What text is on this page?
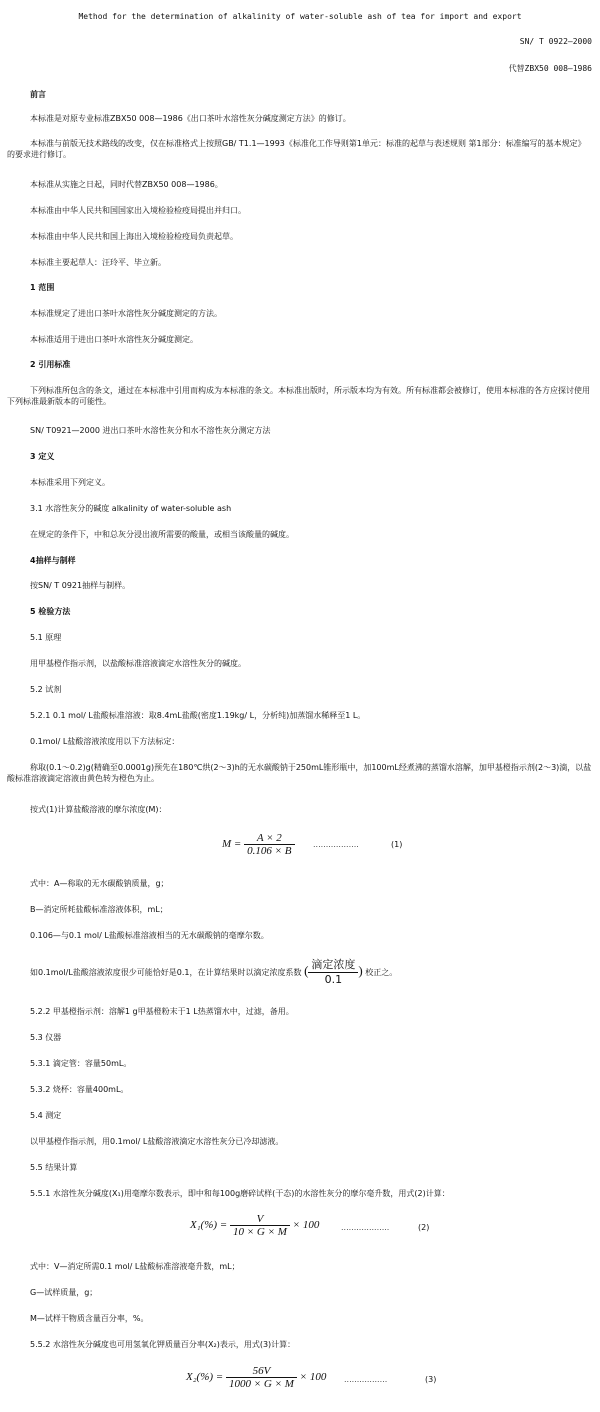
Method for the determination of alkalinity of water-soluble ash of tea for import and export
SN/ T 0922—2000
代替ZBX50 008—1986
前言
本标准是对原专业标准ZBX50 008—1986《出口茶叶水溶性灰分碱度测定方法》的修订。
本标准与前版无技术路线的改变，仅在标准格式上按照GB/ T1.1—1993《标准化工作导则第1单元：标准的起草与表述规则 第1部分：标准编写的基本规定》的要求进行修订。
本标准从实施之日起，同时代替ZBX50 008—1986。
本标准由中华人民共和国国家出入境检验检疫局提出并归口。
本标准由中华人民共和国上海出入境检验检疫局负责起草。
本标准主要起草人：汪玲平、毕立新。
1 范围
本标准规定了进出口茶叶水溶性灰分碱度测定的方法。
本标准适用于进出口茶叶水溶性灰分碱度测定。
2 引用标准
下列标准所包含的条文，通过在本标准中引用而构成为本标准的条文。本标准出版时，所示版本均为有效。所有标准都会被修订，使用本标准的各方应探讨使用下列标准最新版本的可能性。
SN/ T0921—2000 进出口茶叶水溶性灰分和水不溶性灰分测定方法
3 定义
本标准采用下列定义。
3.1 水溶性灰分的碱度 alkalinity of water-soluble ash
在规定的条件下，中和总灰分浸出液所需要的酸量，或相当该酸量的碱度。
4抽样与制样
按SN/ T 0921抽样与制样。
5 检验方法
5.1 原理
用甲基橙作指示剂，以盐酸标准溶液滴定水溶性灰分的碱度。
5.2 试剂
5.2.1 0.1 mol/ L盐酸标准溶液：取8.4mL盐酸(密度1.19kg/ L，分析纯)加蒸馏水稀释至1 L。
0.1mol/ L盐酸溶液浓度用以下方法标定：
称取(0.1～0.2)g(精确至0.0001g)预先在180℃烘(2～3)h的无水碳酸钠于250mL锥形瓶中，加100mL经煮沸的蒸馏水溶解，加甲基橙指示剂(2～3)滴，以盐酸标准溶液滴定溶液由黄色转为橙色为止。
按式(1)计算盐酸溶液的摩尔浓度(M)：
$M = \frac{A \times 2}{0.106 \times B}$ ..................	(1)
式中：A—称取的无水碳酸钠质量，g；
B—消定所耗盐酸标准溶液体积，mL；
0.106—与0.1 mol/ L盐酸标准溶液相当的无水碳酸钠的毫摩尔数。
如0.1mol/L盐酸溶液浓度很少可能恰好是0.1，在计算结果时以滴定浓度系数 ( $\frac{\text{滴定浓度}}{0.1}$ ) 校正之。
5.2.2 甲基橙指示剂：溶解1 g甲基橙粉末于1 L热蒸馏水中，过滤，备用。
5.3 仪器
5.3.1 滴定管：容量50mL。
5.3.2 烧杯：容量400mL。
5.4 测定
以甲基橙作指示剂，用0.1mol/ L盐酸溶液滴定水溶性灰分已冷却滤液。
5.5 结果计算
5.5.1 水溶性灰分碱度(X₁)用毫摩尔数表示，即中和每100g磨碎试样(干态)的水溶性灰分的摩尔毫升数，用式(2)计算：
$X_1(\%) = \frac{V}{10 \times G \times M} \times 100$	...................	(2)
式中：V—消定所需0.1 mol/ L盐酸标准溶液毫升数，mL；
G—试样质量，g；
M—试样干物质含量百分率，%。
5.5.2 水溶性灰分碱度也可用氢氧化钾质量百分率(X₂)表示，用式(3)计算：
$X_2(\%) = \frac{56V}{1000 \times G \times M} \times 100$ .................	(3)
